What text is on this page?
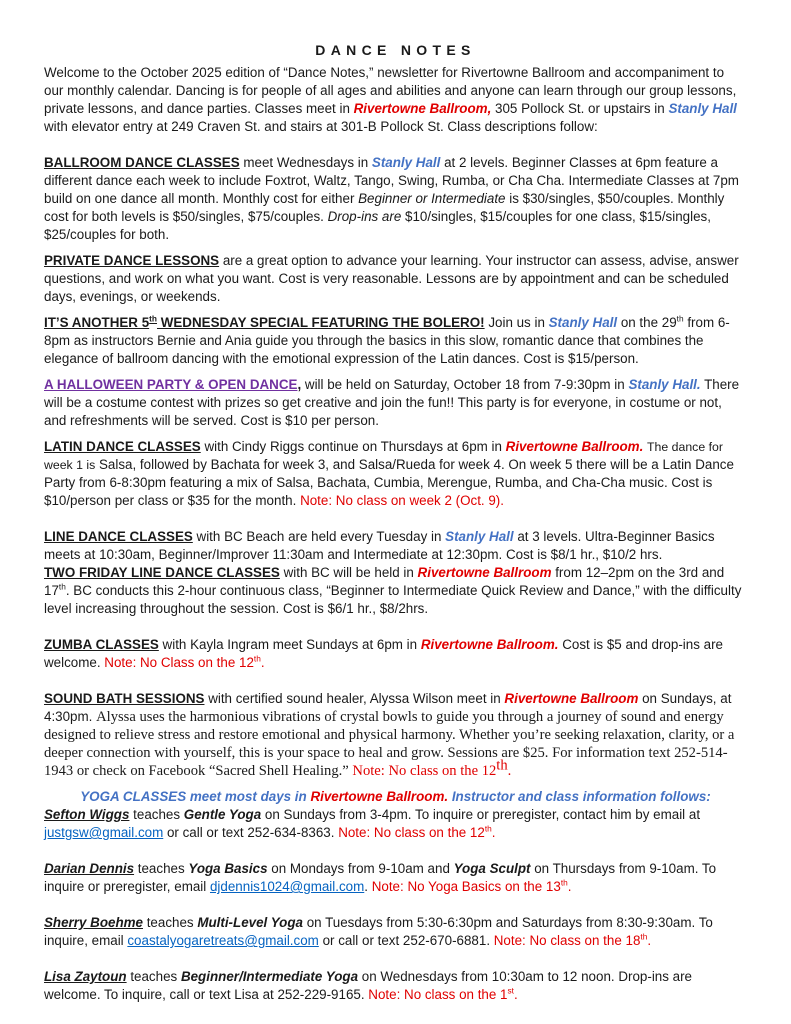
DANCE NOTES

Welcome to the October 2025 edition of “Dance Notes,” newsletter for Rivertowne Ballroom and accompaniment to our monthly calendar. Dancing is for people of all ages and abilities and anyone can learn through our group lessons, private lessons, and dance parties. Classes meet in Rivertowne Ballroom, 305 Pollock St. or upstairs in Stanly Hall with elevator entry at 249 Craven St. and stairs at 301-B Pollock St. Class descriptions follow:

BALLROOM DANCE CLASSES meet Wednesdays in Stanly Hall at 2 levels. Beginner Classes at 6pm feature a different dance each week to include Foxtrot, Waltz, Tango, Swing, Rumba, or Cha Cha. Intermediate Classes at 7pm build on one dance all month. Monthly cost for either Beginner or Intermediate is $30/singles, $50/couples. Monthly cost for both levels is $50/singles, $75/couples. Drop-ins are $10/singles, $15/couples for one class, $15/singles, $25/couples for both.

PRIVATE DANCE LESSONS are a great option to advance your learning. Your instructor can assess, advise, answer questions, and work on what you want. Cost is very reasonable. Lessons are by appointment and can be scheduled days, evenings, or weekends.

IT’S ANOTHER 5th WEDNESDAY SPECIAL FEATURING THE BOLERO! Join us in Stanly Hall on the 29th from 6-8pm as instructors Bernie and Ania guide you through the basics in this slow, romantic dance that combines the elegance of ballroom dancing with the emotional expression of the Latin dances. Cost is $15/person.

A HALLOWEEN PARTY & OPEN DANCE, will be held on Saturday, October 18 from 7-9:30pm in Stanly Hall. There will be a costume contest with prizes so get creative and join the fun!! This party is for everyone, in costume or not, and refreshments will be served. Cost is $10 per person.

LATIN DANCE CLASSES with Cindy Riggs continue on Thursdays at 6pm in Rivertowne Ballroom. The dance for week 1 is Salsa, followed by Bachata for week 3, and Salsa/Rueda for week 4. On week 5 there will be a Latin Dance Party from 6-8:30pm featuring a mix of Salsa, Bachata, Cumbia, Merengue, Rumba, and Cha-Cha music. Cost is $10/person per class or $35 for the month. Note: No class on week 2 (Oct. 9).

LINE DANCE CLASSES with BC Beach are held every Tuesday in Stanly Hall at 3 levels. Ultra-Beginner Basics meets at 10:30am, Beginner/Improver 11:30am and Intermediate at 12:30pm. Cost is $8/1 hr., $10/2 hrs.

TWO FRIDAY LINE DANCE CLASSES with BC will be held in Rivertowne Ballroom from 12–2pm on the 3rd and 17th. BC conducts this 2-hour continuous class, “Beginner to Intermediate Quick Review and Dance,” with the difficulty level increasing throughout the session. Cost is $6/1 hr., $8/2hrs.

ZUMBA CLASSES with Kayla Ingram meet Sundays at 6pm in Rivertowne Ballroom. Cost is $5 and drop-ins are welcome. Note: No Class on the 12th.

SOUND BATH SESSIONS with certified sound healer, Alyssa Wilson meet in Rivertowne Ballroom on Sundays, at 4:30pm. Alyssa uses the harmonious vibrations of crystal bowls to guide you through a journey of sound and energy designed to relieve stress and restore emotional and physical harmony. Whether you’re seeking relaxation, clarity, or a deeper connection with yourself, this is your space to heal and grow. Sessions are $25. For information text 252-514-1943 or check on Facebook “Sacred Shell Healing.” Note: No class on the 12th.

YOGA CLASSES meet most days in Rivertowne Ballroom. Instructor and class information follows:

Sefton Wiggs teaches Gentle Yoga on Sundays from 3-4pm. To inquire or preregister, contact him by email at justgsw@gmail.com or call or text 252-634-8363. Note: No class on the 12th.

Darian Dennis teaches Yoga Basics on Mondays from 9-10am and Yoga Sculpt on Thursdays from 9-10am. To inquire or preregister, email djdennis1024@gmail.com. Note: No Yoga Basics on the 13th.

Sherry Boehme teaches Multi-Level Yoga on Tuesdays from 5:30-6:30pm and Saturdays from 8:30-9:30am. To inquire, email coastalyogaretreats@gmail.com or call or text 252-670-6881. Note: No class on the 18th.

Lisa Zaytoun teaches Beginner/Intermediate Yoga on Wednesdays from 10:30am to 12 noon. Drop-ins are welcome. To inquire, call or text Lisa at 252-229-9165. Note: No class on the 1st.
